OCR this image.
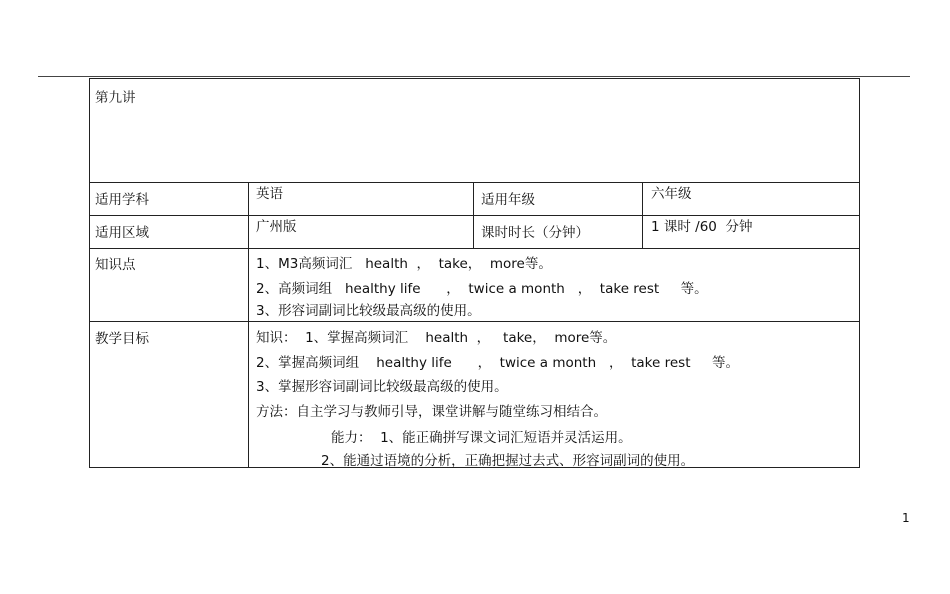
第九讲
适用学科	英语	适用年级	六年级
适用区域	广州版	课时时长（分钟）	1 课时 /60  分钟
知识点	1、M3高频词汇   health  ，  take，  more等。
2、高频词组   healthy life      ，  twice a month   ，  take rest     等。
3、形容词副词比较级最高级的使用。
教学目标	知识：  1、掌握高频词汇    health  ，   take，  more等。
2、掌握高频词组    healthy life      ，  twice a month   ，  take rest     等。
3、掌握形容词副词比较级最高级的使用。
方法：自主学习与教师引导，课堂讲解与随堂练习相结合。
能力：  1、能正确拼写课文词汇短语并灵活运用。
2、能通过语境的分析，正确把握过去式、形容词副词的使用。
1
